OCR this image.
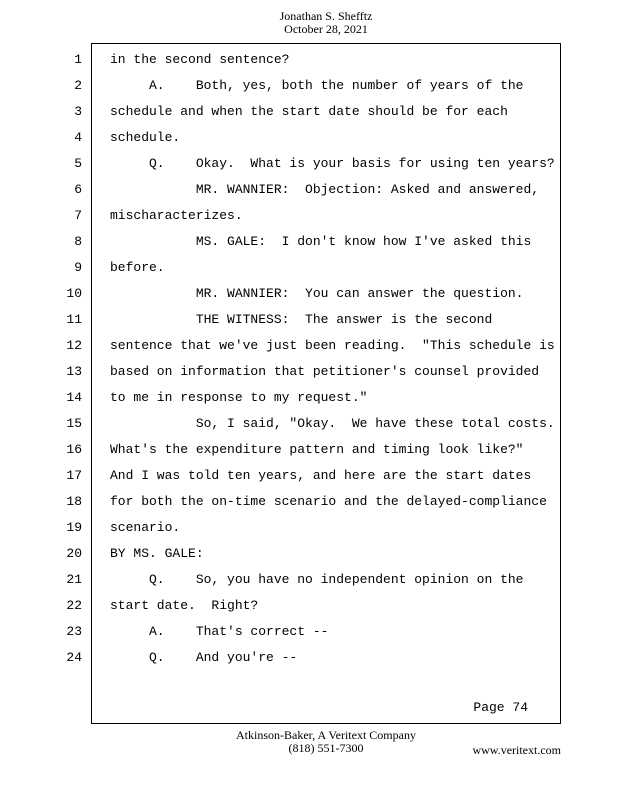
Jonathan S. Shefftz
October 28, 2021
1 in the second sentence?
2 A.    Both, yes, both the number of years of the
3 schedule and when the start date should be for each
4 schedule.
5 Q.    Okay.  What is your basis for using ten years?
6 MR. WANNIER:  Objection: Asked and answered,
7 mischaracterizes.
8 MS. GALE:  I don't know how I've asked this
9 before.
10 MR. WANNIER:  You can answer the question.
11 THE WITNESS:  The answer is the second
12 sentence that we've just been reading.  "This schedule is
13 based on information that petitioner's counsel provided
14 to me in response to my request."
15 So, I said, "Okay.  We have these total costs.
16 What's the expenditure pattern and timing look like?"
17 And I was told ten years, and here are the start dates
18 for both the on-time scenario and the delayed-compliance
19 scenario.
20 BY MS. GALE:
21 Q.    So, you have no independent opinion on the
22 start date.  Right?
23 A.    That's correct --
24 Q.    And you're --
Page 74
Atkinson-Baker, A Veritext Company
(818) 551-7300	www.veritext.com
